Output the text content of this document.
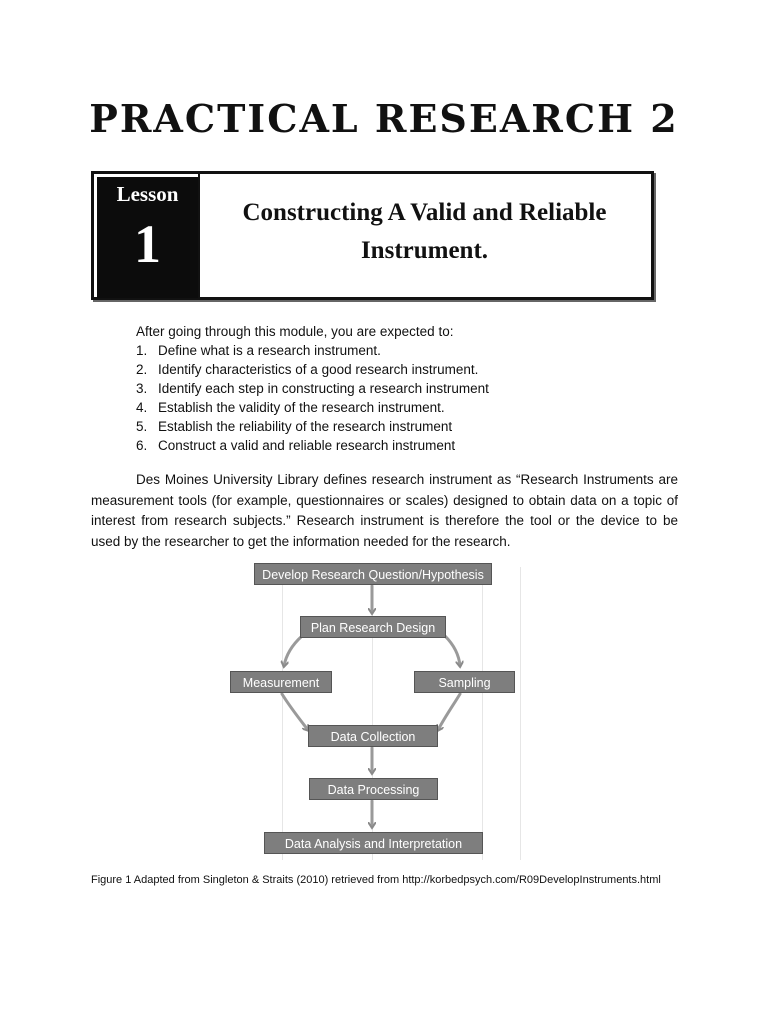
PRACTICAL RESEARCH 2
Lesson
1
Constructing A Valid and Reliable
Instrument.
After going through this module, you are expected to:
1. Define what is a research instrument.
2. Identify characteristics of a good research instrument.
3. Identify each step in constructing a research instrument
4. Establish the validity of the research instrument.
5. Establish the reliability of the research instrument
6. Construct a valid and reliable research instrument

Des Moines University Library defines research instrument as “Research Instruments are measurement tools (for example, questionnaires or scales) designed to obtain data on a topic of interest from research subjects.” Research instrument is therefore the tool or the device to be used by the researcher to get the information needed for the research.

Develop Research Question/Hypothesis
Plan Research Design
Measurement	Sampling
Data Collection
Data Processing
Data Analysis and Interpretation

Figure 1 Adapted from Singleton & Straits (2010) retrieved from http://korbedpsych.com/R09DevelopInstruments.html
